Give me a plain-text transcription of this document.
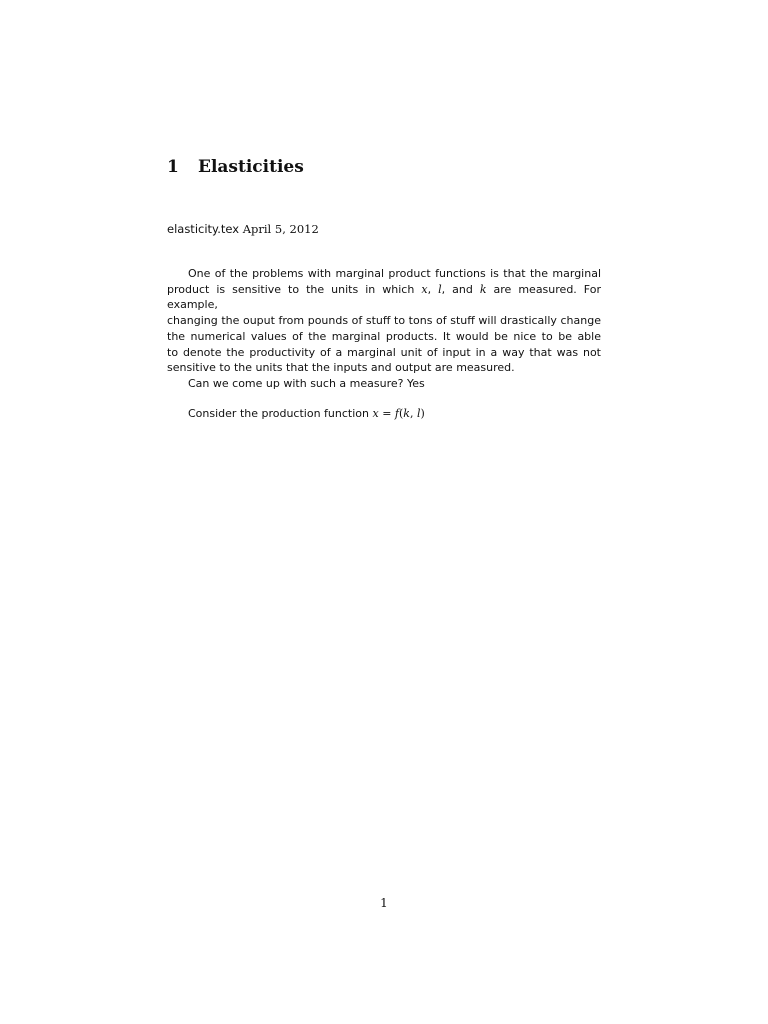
1 Elasticities
elasticity.tex April 5, 2012
One of the problems with marginal product functions is that the marginal
product is sensitive to the units in which x, l, and k are measured. For example,
changing the ouput from pounds of stuff to tons of stuff will drastically change
the numerical values of the marginal products. It would be nice to be able
to denote the productivity of a marginal unit of input in a way that was not
sensitive to the units that the inputs and output are measured.
Can we come up with such a measure? Yes
Consider the production function x = f(k, l)
1
